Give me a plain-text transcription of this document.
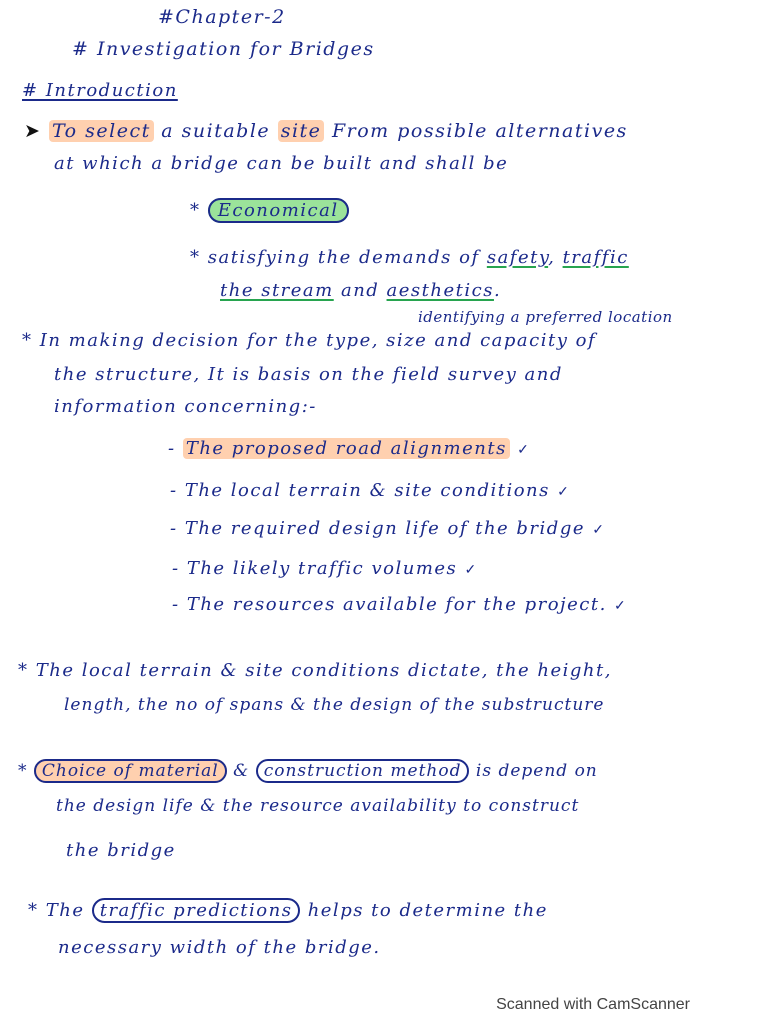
#Chapter-2
# Investigation for Bridges
# Introduction
➤ To select a suitable site From possible alternatives
at which a bridge can be built and shall be
* Economical
* satisfying the demands of safety, traffic
the stream and aesthetics.
identifying a preferred location
* In making decision for the type, size and capacity of
the structure, It is basis on the field survey and
information concerning:-
- The proposed road alignments ✓
- The local terrain & site conditions ✓
- The required design life of the bridge ✓
- The likely traffic volumes ✓
- The resources available for the project. ✓
* The local terrain & site conditions dictate, the height,
length, the no of spans & the design of the substructure
* Choice of material & construction method is depend on
the design life & the resource availability to construct
the bridge
* The traffic predictions helps to determine the
necessary width of the bridge.
Scanned with CamScanner
